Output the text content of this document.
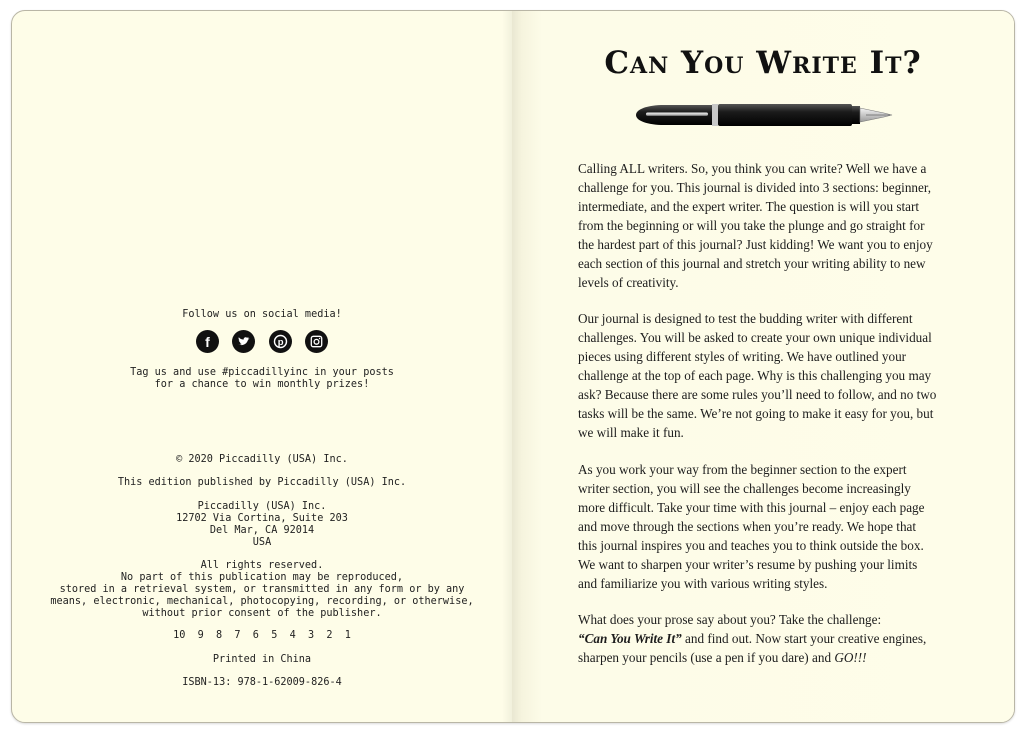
Follow us on social media!
f

	p

Tag us and use #piccadillyinc in your posts
for a chance to win monthly prizes!
© 2020 Piccadilly (USA) Inc.
This edition published by Piccadilly (USA) Inc.
Piccadilly (USA) Inc.
12702 Via Cortina, Suite 203
Del Mar, CA 92014
USA
All rights reserved.
No part of this publication may be reproduced,
stored in a retrieval system, or transmitted in any form or by any
means, electronic, mechanical, photocopying, recording, or otherwise,
without prior consent of the publisher.
10  9  8  7  6  5  4  3  2  1
Printed in China
ISBN-13: 978-1-62009-826-4
Can You Write It?

Calling ALL writers. So, you think you can write? Well we have a

challenge for you. This journal is divided into 3 sections: beginner,

intermediate, and the expert writer. The question is will you start

from the beginning or will you take the plunge and go straight for

the hardest part of this journal? Just kidding! We want you to enjoy

each section of this journal and stretch your writing ability to new

levels of creativity.

Our journal is designed to test the budding writer with different

challenges. You will be asked to create your own unique individual

pieces using different styles of writing. We have outlined your

challenge at the top of each page. Why is this challenging you may

ask? Because there are some rules you’ll need to follow, and no two

tasks will be the same. We’re not going to make it easy for you, but

we will make it fun.

As you work your way from the beginner section to the expert

writer section, you will see the challenges become increasingly

more difficult. Take your time with this journal – enjoy each page

and move through the sections when you’re ready. We hope that

this journal inspires you and teaches you to think outside the box.

We want to sharpen your writer’s resume by pushing your limits

and familiarize you with various writing styles.

What does your prose say about you? Take the challenge:

“Can You Write It” and find out. Now start your creative engines,

sharpen your pencils (use a pen if you dare) and GO!!!
